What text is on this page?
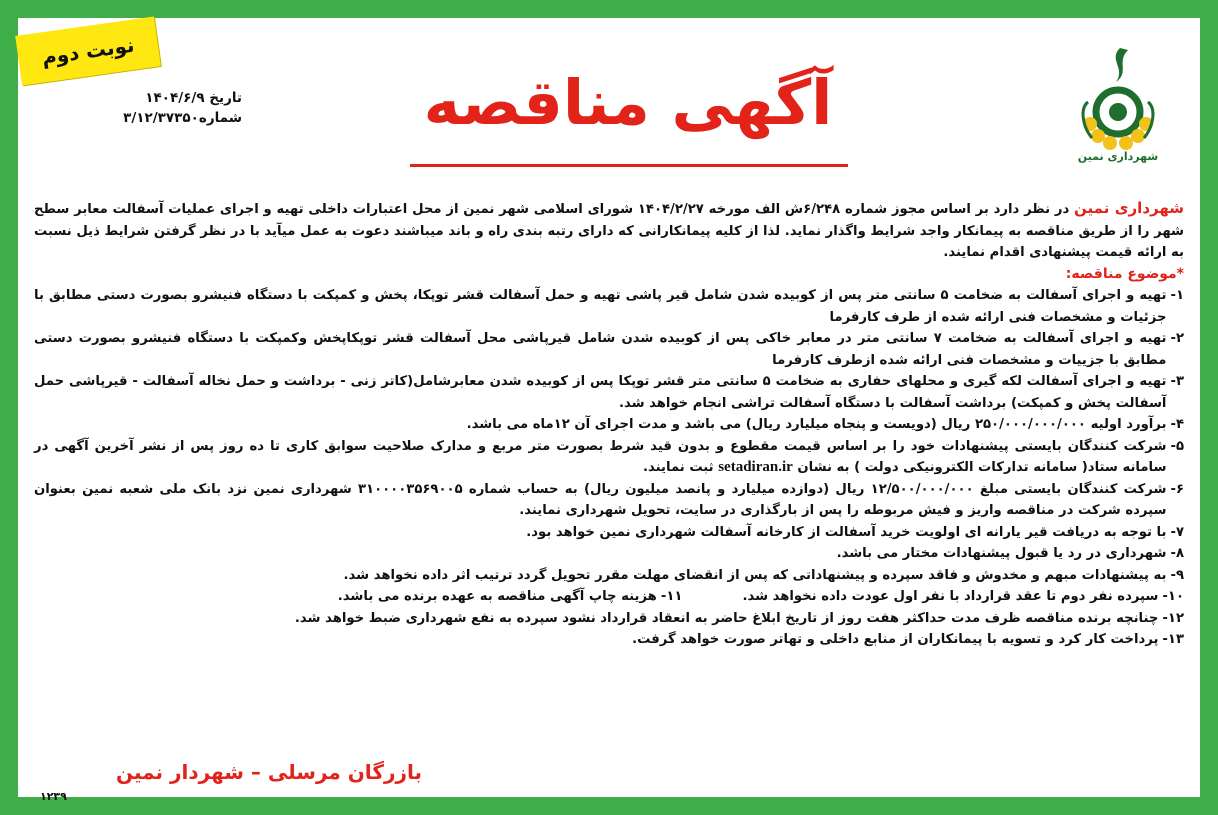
نوبت دوم
تاریخ ۱۴۰۴/۶/۹
شماره۳/۱۲/۳۷۳۵۰	آگهی مناقصه
شهرداری نمین

شهرداری نمین در نظر دارد بر اساس مجوز شماره ۶/۲۴۸ش الف مورخه ۱۴۰۴/۲/۲۷ شورای اسلامی شهر نمین از محل اعتبارات داخلی تهیه و اجرای عملیات آسفالت معابر سطح شهر را از طریق مناقصه به پیمانکار واجد شرایط واگذار نماید. لذا از کلیه پیمانکارانی که دارای رتبه بندی راه و باند میباشند دعوت به عمل میآید با در نظر گرفتن شرایط ذیل نسبت به ارائه قیمت پیشنهادی اقدام نمایند.

*موضوع مناقصه:

۱-
تهیه و اجرای آسفالت به ضخامت ۵ سانتی متر پس از کوبیده شدن شامل قیر پاشی تهیه و حمل آسفالت قشر توپکا، پخش و کمپکت با دستگاه فنیشرو بصورت دستی مطابق با جزئیات و مشخصات فنی ارائه شده از طرف کارفرما
۲-
تهیه و اجرای آسفالت به ضخامت ۷ سانتی متر در معابر خاکی پس از کوبیده شدن شامل قیرپاشی محل آسفالت قشر توپکاپخش وکمپکت با دستگاه فنیشرو بصورت دستی مطابق با جزییات و مشخصات فنی ارائه شده ازطرف کارفرما
۳-
تهیه و اجرای آسفالت لکه گیری و محلهای حفاری به ضخامت ۵ سانتی متر قشر توپکا پس از کوبیده شدن معابرشامل(کاتر زنی - برداشت و حمل نخاله آسفالت - قیرپاشی حمل آسفالت پخش و کمپکت) برداشت آسفالت با دستگاه آسفالت تراشی انجام خواهد شد.
۴-
برآورد اولیه ۲۵۰/۰۰۰/۰۰۰/۰۰۰ ریال (دویست و پنجاه میلیارد ریال) می باشد و مدت اجرای آن ۱۲ماه می باشد.
۵-
شرکت کنندگان بایستی پیشنهادات خود را بر اساس قیمت مقطوع و بدون قید شرط بصورت متر مربع و مدارک صلاحیت سوابق کاری تا ده روز پس از نشر آخرین آگهی در سامانه ستاد( سامانه تدارکات الکترونیکی دولت ) به نشان setadiran.ir ثبت نمایند.
۶-
شرکت کنندگان بایستی مبلغ ۱۲/۵۰۰/۰۰۰/۰۰۰ ریال (دوازده میلیارد و پانصد میلیون ریال) به حساب شماره ۳۱۰۰۰۰۳۵۶۹۰۰۵ شهرداری نمین نزد بانک ملی شعبه نمین بعنوان سپرده شرکت در مناقصه واریز و فیش مربوطه را پس از بارگذاری در سایت، تحویل شهرداری نمایند.
۷-
با توجه به دریافت قیر یارانه ای اولویت خرید آسفالت از کارخانه آسفالت شهرداری نمین خواهد بود.
۸-
شهرداری در رد یا قبول پیشنهادات مختار می باشد.
۹-
به پیشنهادات مبهم و مخدوش و فاقد سپرده و پیشنهاداتی که پس از انقضای مهلت مقرر تحویل گردد ترتیب اثر داده نخواهد شد.
۱۰-
سپرده نفر دوم تا عقد قرارداد با نفر اول عودت داده نخواهد شد.
۱۱-
هزینه چاپ آگهی مناقصه به عهده برنده می باشد.
۱۲-
چنانچه برنده مناقصه ظرف مدت حداکثر هفت روز از تاریخ ابلاغ حاضر به انعقاد قرارداد نشود سپرده به نفع شهرداری ضبط خواهد شد.
۱۳-
پرداخت کار کرد و تسویه با پیمانکاران از منابع داخلی و تهاتر صورت خواهد گرفت.
بازرگان مرسلی – شهردار نمین
۱۲۳۹
